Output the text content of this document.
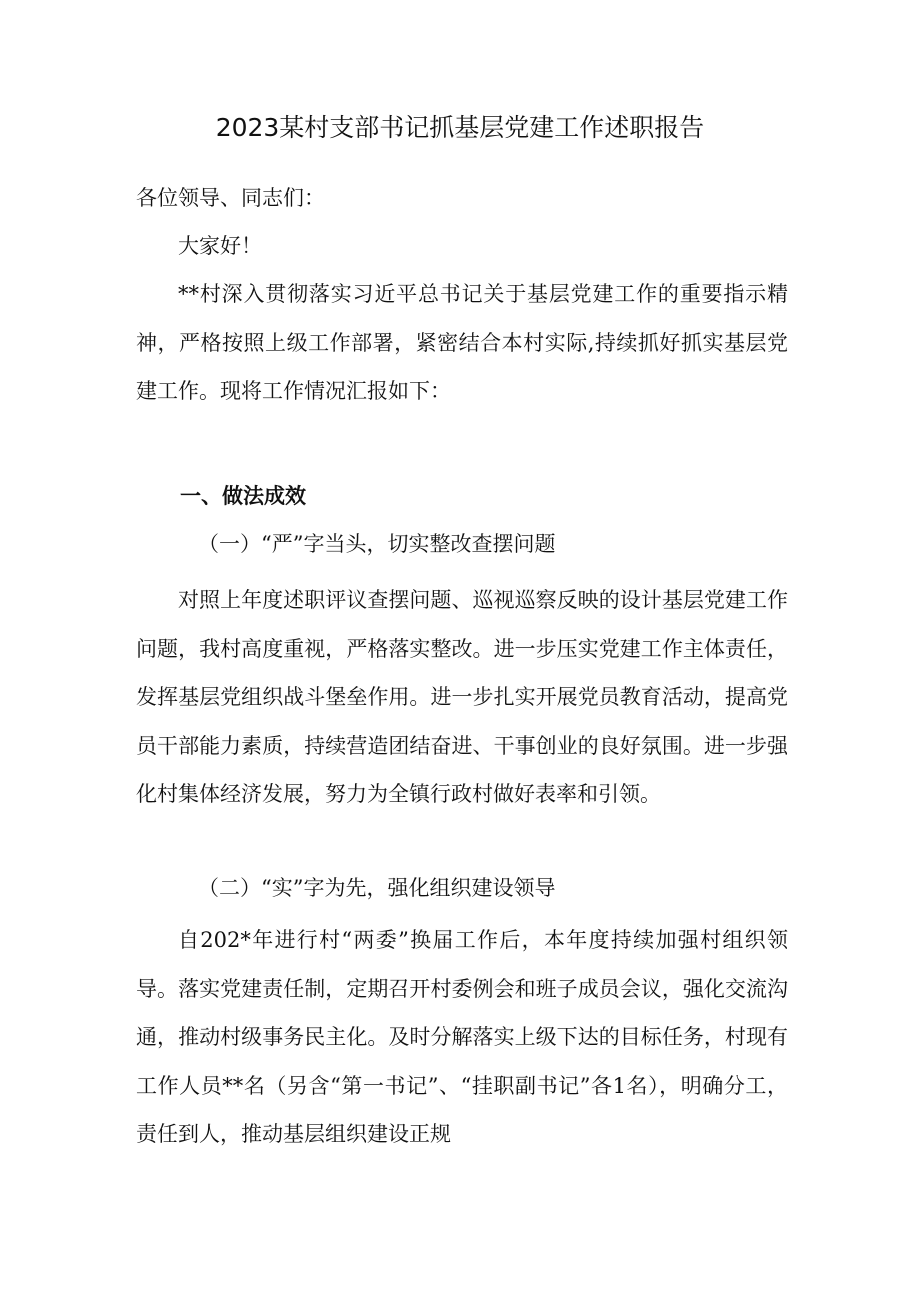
2023某村支部书记抓基层党建工作述职报告

各位领导、同志们：

大家好！

**村深入贯彻落实习近平总书记关于基层党建工作的重要指示精神，严格按照上级工作部署，紧密结合本村实际,持续抓好抓实基层党建工作。现将工作情况汇报如下：

一、做法成效

（一）“严”字当头，切实整改查摆问题

对照上年度述职评议查摆问题、巡视巡察反映的设计基层党建工作问题，我村高度重视，严格落实整改。进一步压实党建工作主体责任，发挥基层党组织战斗堡垒作用。进一步扎实开展党员教育活动，提高党员干部能力素质，持续营造团结奋进、干事创业的良好氛围。进一步强化村集体经济发展，努力为全镇行政村做好表率和引领。

（二）“实”字为先，强化组织建设领导

自202*年进行村“两委”换届工作后，本年度持续加强村组织领导。落实党建责任制，定期召开村委例会和班子成员会议，强化交流沟通，推动村级事务民主化。及时分解落实上级下达的目标任务，村现有工作人员**名（另含“第一书记”、“挂职副书记”各1名），明确分工，责任到人，推动基层组织建设正规
